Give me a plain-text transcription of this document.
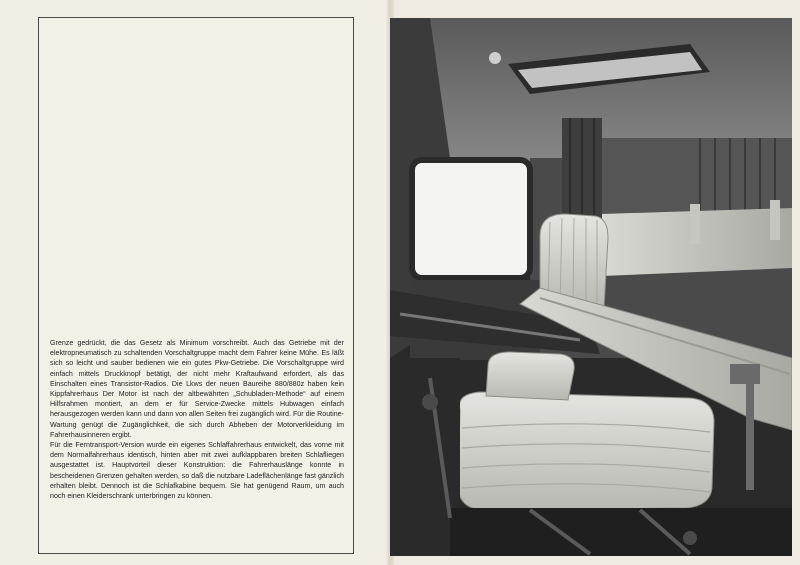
Grenze gedrückt, die das Gesetz als Minimum vorschreibt. Auch das Getriebe mit der elektropneumatisch zu schaltenden Vorschaltgruppe macht dem Fahrer keine Mühe. Es läßt sich so leicht und sauber bedienen wie ein gutes Pkw-Getriebe. Die Vorschaltgruppe wird einfach mittels Druckknopf betätigt, der nicht mehr Kraftaufwand erfordert, als das Einschalten eines Transistor-Radios. Die Lkws der neuen Baureihe 880/880z haben kein Kippfahrerhaus Der Motor ist nach der altbewährten „Schubladen-Methode“ auf einem Hilfsrahmen montiert, an dem er für Service-Zwecke mittels Hubwagen einfach herausgezogen werden kann und dann von allen Seiten frei zugänglich wird. Für die Routine-Wartung genügt die Zugänglichkeit, die sich durch Abheben der Motorverkleidung im Fahrerhausinneren ergibt.

Für die Ferntransport-Version wurde ein eigenes Schlaffahrerhaus entwickelt, das vorne mit dem Normalfahrerhaus identisch, hinten aber mit zwei aufklappbaren breiten Schlafliegen ausgestattet ist. Hauptvorteil dieser Konstruktion: die Fahrerhauslänge konnte in bescheidenen Grenzen gehalten werden, so daß die nutzbare Ladeflächenlänge fast gänzlich erhalten bleibt. Dennoch ist die Schlafkabine bequem. Sie hat genügend Raum, um auch noch einen Kleiderschrank unterbringen zu können.
